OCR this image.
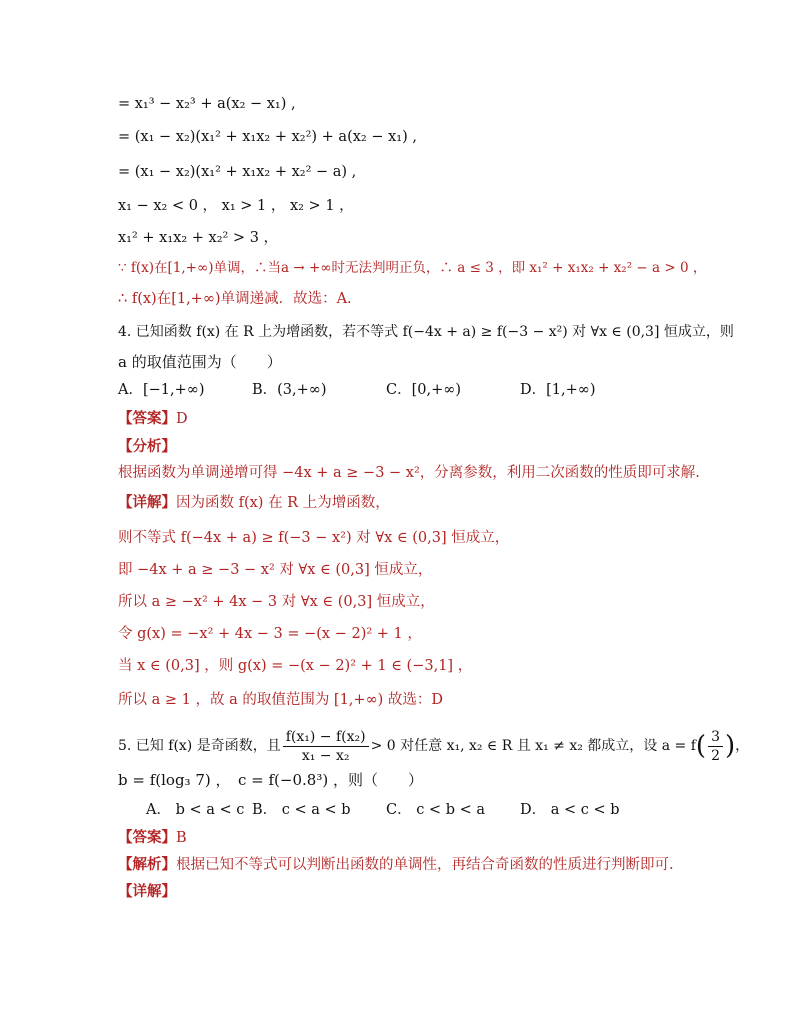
= x₁³ − x₂³ + a(x₂ − x₁) ,
= (x₁ − x₂)(x₁² + x₁x₂ + x₂²) + a(x₂ − x₁) ,
= (x₁ − x₂)(x₁² + x₁x₂ + x₂² − a) ,
x₁ − x₂ < 0 ， x₁ > 1 ， x₂ > 1 ，
x₁² + x₁x₂ + x₂² > 3 ，
∵ f(x)在[1,+∞)单调，∴当a → +∞时无法判明正负，∴ a ≤ 3 ，即 x₁² + x₁x₂ + x₂² − a > 0 ，
∴ f(x)在[1,+∞)单调递减．故选：A.
4. 已知函数 f(x) 在 R 上为增函数，若不等式 f(−4x + a) ≥ f(−3 − x²) 对 ∀x ∈ (0,3] 恒成立，则
a 的取值范围为（　　）
A．[−1,+∞)	B．(3,+∞)	C．[0,+∞)	D．[1,+∞)
【答案】D
【分析】
根据函数为单调递增可得 −4x + a ≥ −3 − x²，分离参数，利用二次函数的性质即可求解.
【详解】因为函数 f(x) 在 R 上为增函数，
则不等式 f(−4x + a) ≥ f(−3 − x²) 对 ∀x ∈ (0,3] 恒成立，
即 −4x + a ≥ −3 − x² 对 ∀x ∈ (0,3] 恒成立，
所以 a ≥ −x² + 4x − 3 对 ∀x ∈ (0,3] 恒成立，
令 g(x) = −x² + 4x − 3 = −(x − 2)² + 1 ，
当 x ∈ (0,3] ，则 g(x) = −(x − 2)² + 1 ∈ (−3,1] ，
所以 a ≥ 1 ，故 a 的取值范围为 [1,+∞) 故选：D
5. 已知 f(x) 是奇函数，且 $\frac{\text{f(x₁) − f(x₂)}}{\text{x₁ − x₂}} > 0$ 对任意 x₁, x₂ ∈ R 且 x₁ ≠ x₂ 都成立，设 $a = f( \frac{3}{2}$ )，
b = f(log₃ 7) ，　c = f(−0.8³) ，则（　　）
A． b < a < c B． c < a < b C． c < b < a D． a < c < b
【答案】B
【解析】根据已知不等式可以判断出函数的单调性，再结合奇函数的性质进行判断即可.
【详解】
